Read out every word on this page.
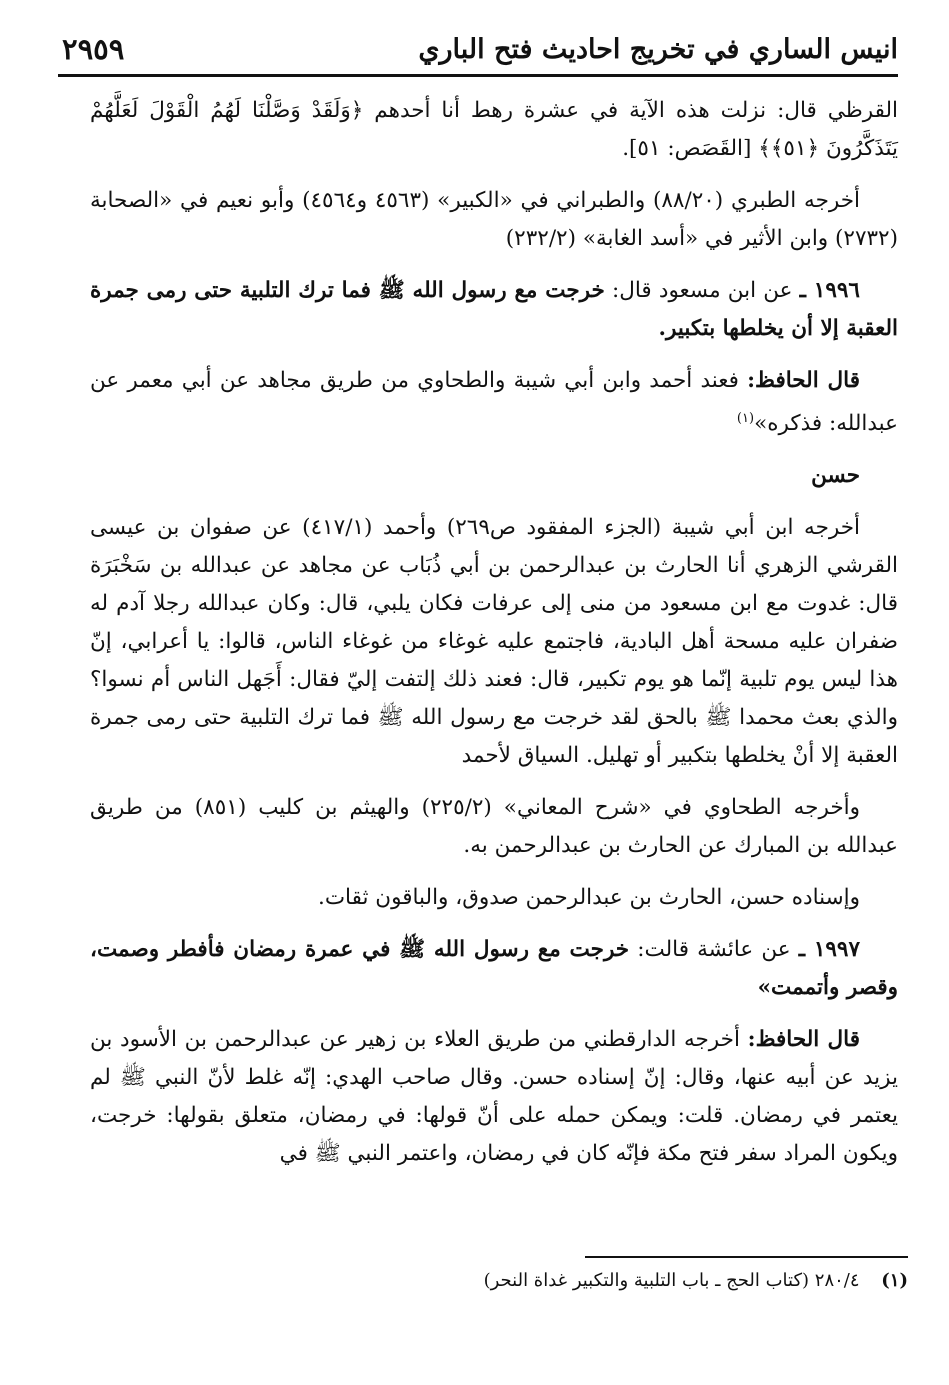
انيس الساري في تخريج احاديث فتح الباري
٢٩٥٩

القرظي قال: نزلت هذه الآية في عشرة رهط أنا أحدهم ﴿وَلَقَدْ وَصَّلْنَا لَهُمُ الْقَوْلَ لَعَلَّهُمْ يَتَذَكَّرُونَ ﴿٥١﴾﴾ [القَصَص: ٥١].

أخرجه الطبري (٨٨/٢٠) والطبراني في «الكبير» (٤٥٦٣ و٤٥٦٤) وأبو نعيم في «الصحابة (٢٧٣٢) وابن الأثير في «أسد الغابة» (٢٣٢/٢)

١٩٩٦ ـ عن ابن مسعود قال: خرجت مع رسول الله ﷺ فما ترك التلبية حتى رمى جمرة العقبة إلا أن يخلطها بتكبير.

قال الحافظ: فعند أحمد وابن أبي شيبة والطحاوي من طريق مجاهد عن أبي معمر عن عبدالله: فذكره»$^{(١)}$

حسن

أخرجه ابن أبي شيبة (الجزء المفقود ص٢٦٩) وأحمد (٤١٧/١) عن صفوان بن عيسى القرشي الزهري أنا الحارث بن عبدالرحمن بن أبي ذُبَاب عن مجاهد عن عبدالله بن سَخْبَرَة قال: غدوت مع ابن مسعود من منى إلى عرفات فكان يلبي، قال: وكان عبدالله رجلا آدم له ضفران عليه مسحة أهل البادية، فاجتمع عليه غوغاء من غوغاء الناس، قالوا: يا أعرابي، إنّ هذا ليس يوم تلبية إنّما هو يوم تكبير، قال: فعند ذلك إلتفت إليّ فقال: أَجَهل الناس أم نسوا؟ والذي بعث محمدا ﷺ بالحق لقد خرجت مع رسول الله ﷺ فما ترك التلبية حتى رمى جمرة العقبة إلا أنْ يخلطها بتكبير أو تهليل. السياق لأحمد

وأخرجه الطحاوي في «شرح المعاني» (٢٢٥/٢) والهيثم بن كليب (٨٥١) من طريق عبدالله بن المبارك عن الحارث بن عبدالرحمن به.

وإسناده حسن، الحارث بن عبدالرحمن صدوق، والباقون ثقات.

١٩٩٧ ـ عن عائشة قالت: خرجت مع رسول الله ﷺ في عمرة رمضان فأفطر وصمت، وقصر وأتممت»

قال الحافظ: أخرجه الدارقطني من طريق العلاء بن زهير عن عبدالرحمن بن الأسود بن يزيد عن أبيه عنها، وقال: إنّ إسناده حسن. وقال صاحب الهدي: إنّه غلط لأنّ النبي ﷺ لم يعتمر في رمضان. قلت: ويمكن حمله على أنّ قولها: في رمضان، متعلق بقولها: خرجت، ويكون المراد سفر فتح مكة فإنّه كان في رمضان، واعتمر النبي ﷺ في

(١) ٢٨٠/٤ (كتاب الحج ـ باب التلبية والتكبير غداة النحر)
